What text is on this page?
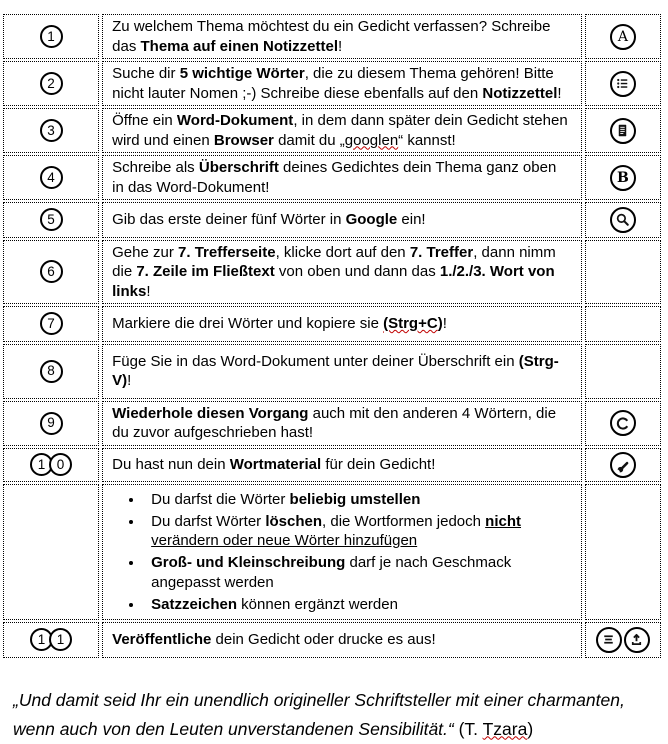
1	Zu welchem Thema möchtest du ein Gedicht verfassen? Schreibe das Thema auf einen Notizzettel!	A

2	Suche dir 5 wichtige Wörter, die zu diesem Thema gehören! Bitte nicht lauter Nomen ;-) Schreibe diese ebenfalls auf den Notizzettel!	

3	Öffne ein Word-Dokument, in dem dann später dein Gedicht stehen wird und einen Browser damit du „googlen“ kannst!	

4	Schreibe als Überschrift deines Gedichtes dein Thema ganz oben in das Word-Dokument!	B

5	Gib das erste deiner fünf Wörter in Google ein!	

6	Gehe zur 7. Trefferseite, klicke dort auf den 7. Treffer, dann nimm die 7. Zeile im Fließtext von oben und dann das 1./2./3. Wort von links!	
7	Markiere die drei Wörter und kopiere sie (Strg+C)!	
8	Füge Sie in das Word-Dokument unter deiner Überschrift ein (Strg-V)!	
9	Wiederhole diesen Vorgang auch mit den anderen 4 Wörtern, die du zuvor aufgeschrieben hast!	

1 0	Du hast nun dein Wortmaterial für dein Gedicht!	

• Du darfst die Wörter beliebig umstellen
• Du darfst Wörter löschen, die Wortformen jedoch nicht verändern oder neue Wörter hinzufügen
• Groß- und Kleinschreibung darf je nach Geschmack angepasst werden
• Satzzeichen können ergänzt werden

1 1	Veröffentliche dein Gedicht oder drucke es aus!	

„Und damit seid Ihr ein unendlich origineller Schriftsteller mit einer charmanten, wenn auch von den Leuten unverstandenen Sensibilität.“ (T. Tzara)
